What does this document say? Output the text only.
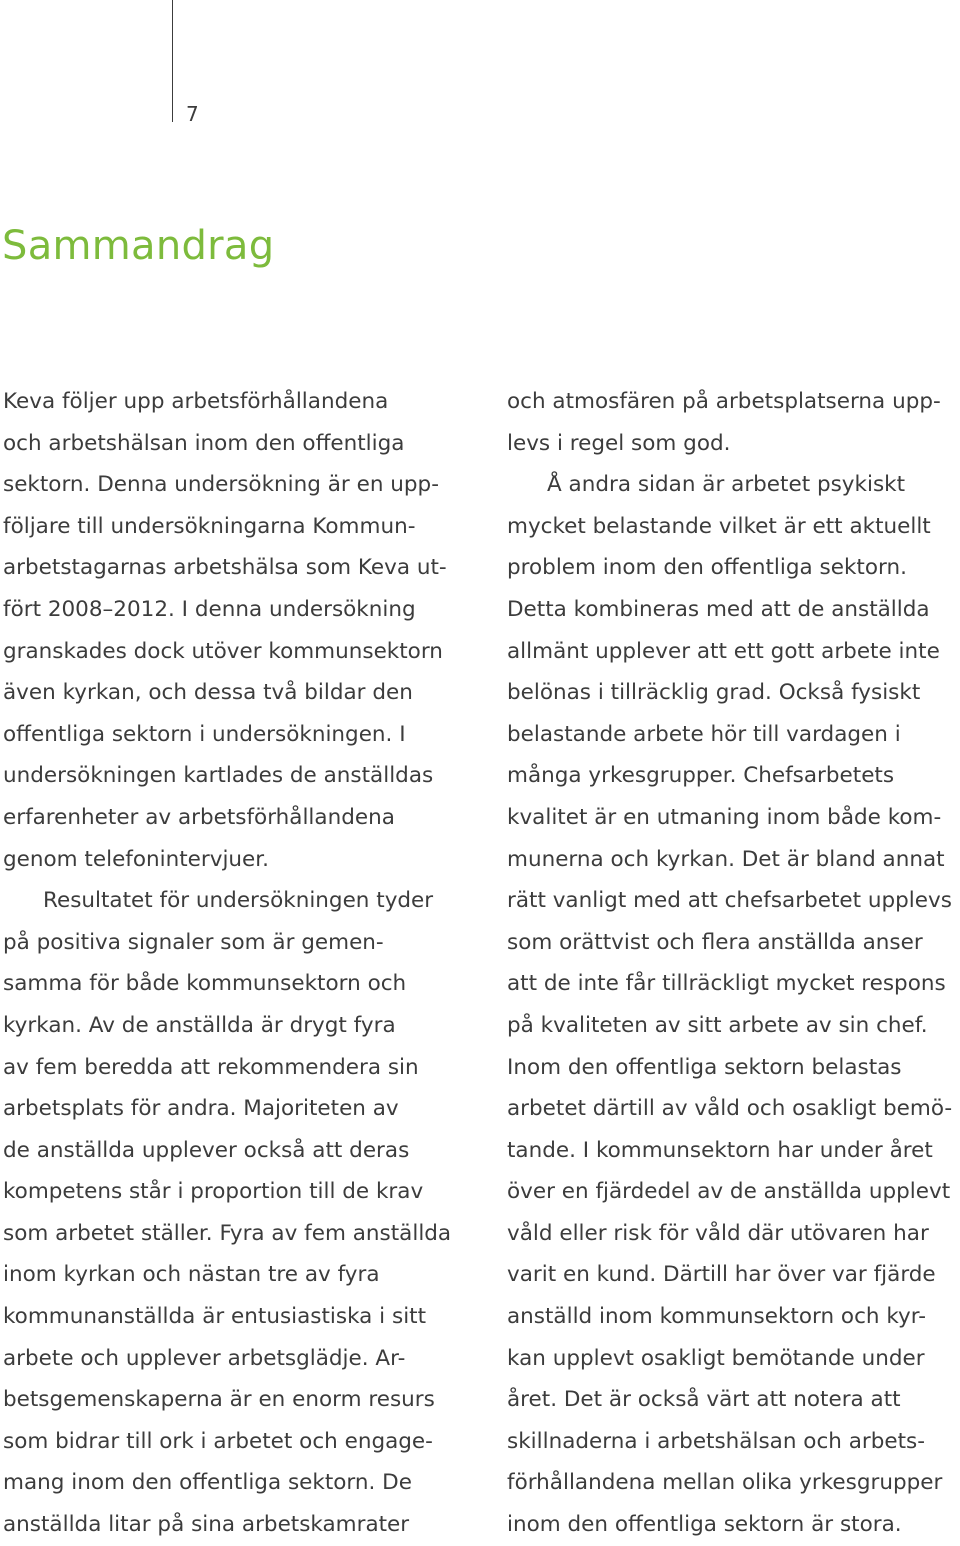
7
Sammandrag
Keva följer upp arbetsförhållandena
och arbetshälsan inom den offentliga
sektorn. Denna undersökning är en upp-
följare till undersökningarna Kommun-
arbetstagarnas arbetshälsa som Keva ut-
fört 2008–2012. I denna undersökning
granskades dock utöver kommunsektorn
även kyrkan, och dessa två bildar den
offentliga sektorn i undersökningen. I
undersökningen kartlades de anställdas
erfarenheter av arbetsförhållandena
genom telefonintervjuer.
Resultatet för undersökningen tyder
på positiva signaler som är gemen-
samma för både kommunsektorn och
kyrkan. Av de anställda är drygt fyra
av fem beredda att rekommendera sin
arbetsplats för andra. Majoriteten av
de anställda upplever också att deras
kompetens står i proportion till de krav
som arbetet ställer. Fyra av fem anställda
inom kyrkan och nästan tre av fyra
kommunanställda är entusiastiska i sitt
arbete och upplever arbetsglädje. Ar-
betsgemenskaperna är en enorm resurs
som bidrar till ork i arbetet och engage-
mang inom den offentliga sektorn. De
anställda litar på sina arbetskamrater
och atmosfären på arbetsplatserna upp-
levs i regel som god.
Å andra sidan är arbetet psykiskt
mycket belastande vilket är ett aktuellt
problem inom den offentliga sektorn.
Detta kombineras med att de anställda
allmänt upplever att ett gott arbete inte
belönas i tillräcklig grad. Också fysiskt
belastande arbete hör till vardagen i
många yrkesgrupper. Chefsarbetets
kvalitet är en utmaning inom både kom-
munerna och kyrkan. Det är bland annat
rätt vanligt med att chefsarbetet upplevs
som orättvist och flera anställda anser
att de inte får tillräckligt mycket respons
på kvaliteten av sitt arbete av sin chef.
Inom den offentliga sektorn belastas
arbetet därtill av våld och osakligt bemö-
tande. I kommunsektorn har under året
över en fjärdedel av de anställda upplevt
våld eller risk för våld där utövaren har
varit en kund. Därtill har över var fjärde
anställd inom kommunsektorn och kyr-
kan upplevt osakligt bemötande under
året. Det är också värt att notera att
skillnaderna i arbetshälsan och arbets-
förhållandena mellan olika yrkesgrupper
inom den offentliga sektorn är stora.
